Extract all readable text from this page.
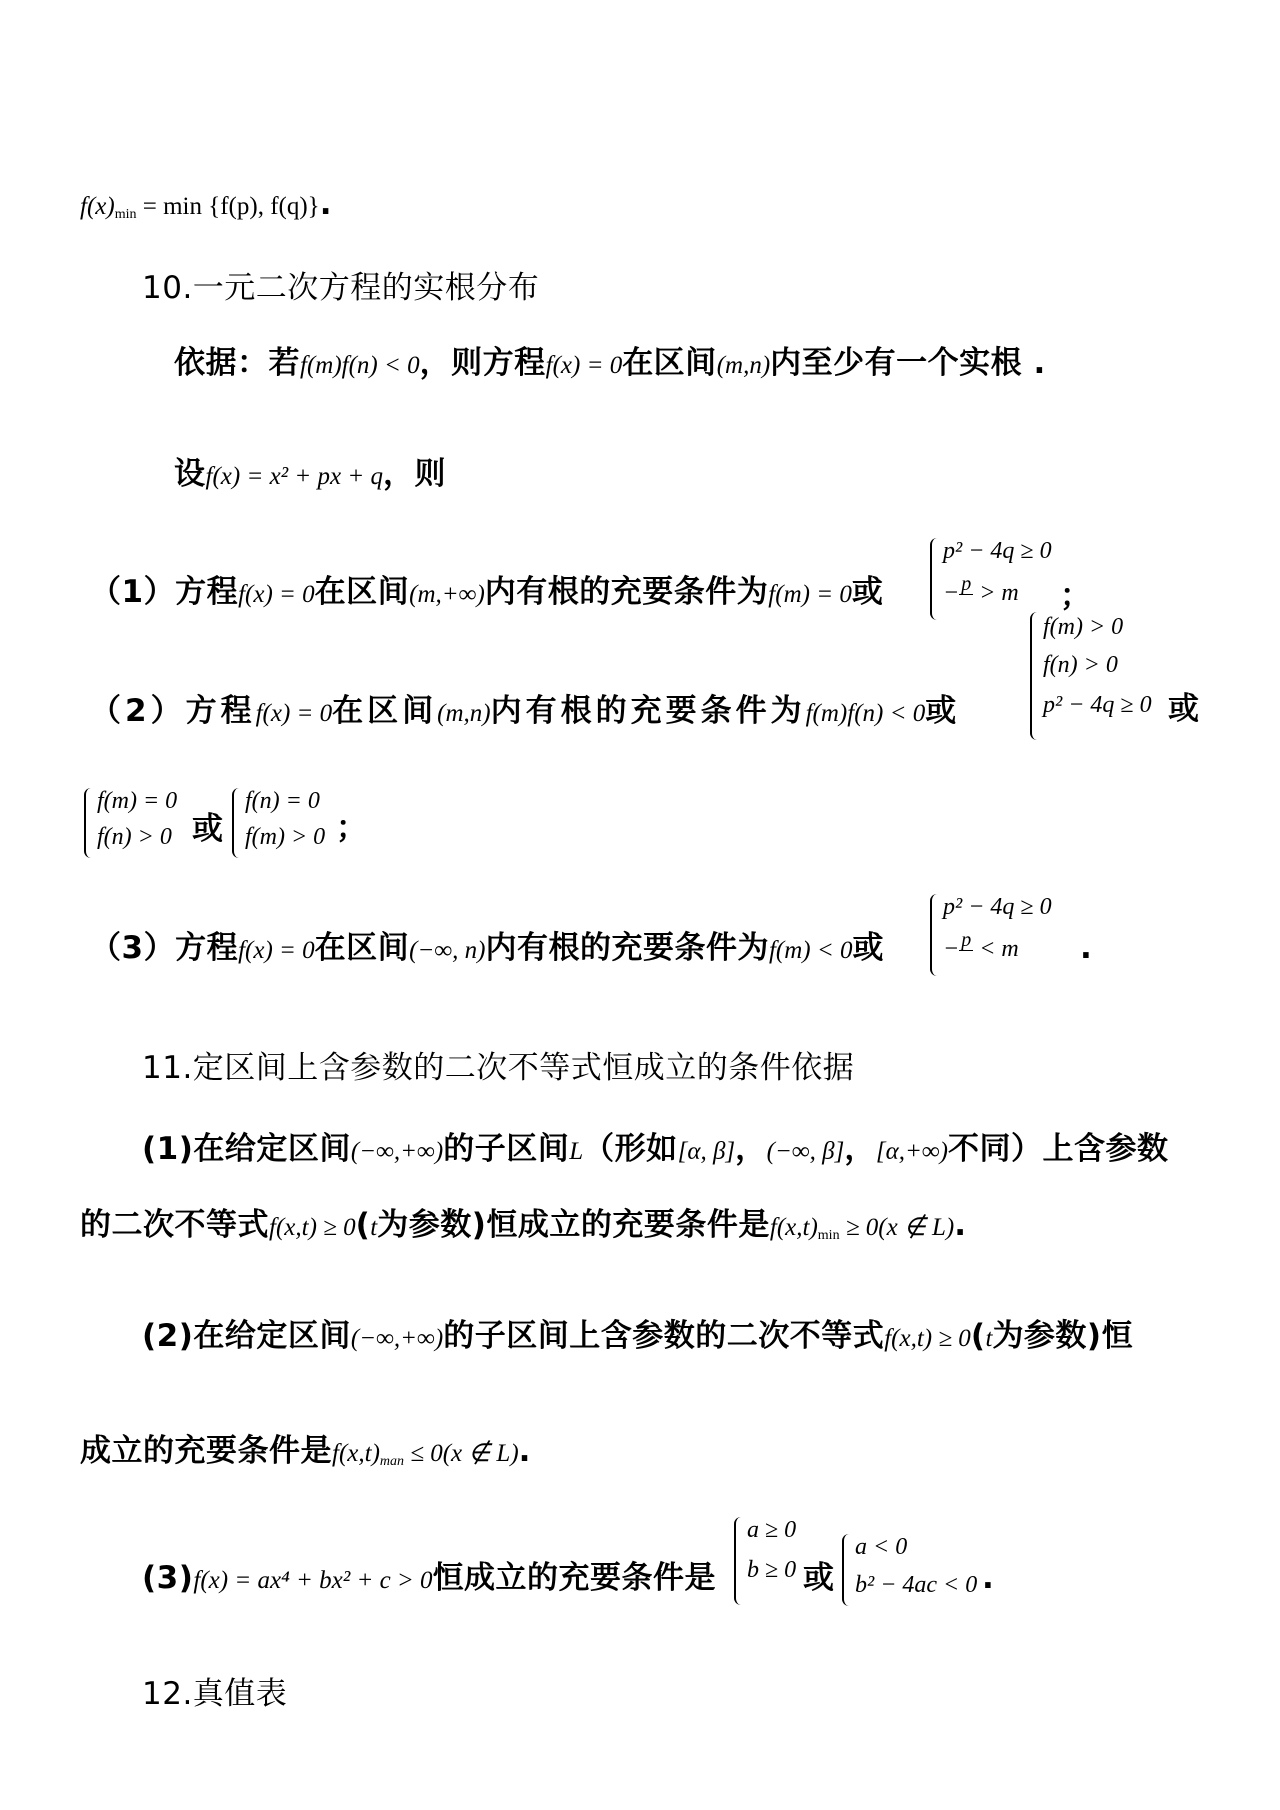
$f(x)_{min} = \min \{f(p)$, f(q)}.
10.一元二次方程的实根分布
依据：若f(m)f(n) < 0，则方程f(x) = 0在区间(m,n)内至少有一个实根 .
设f(x) = x² + px + q，则
（1）方程f(x) = 0在区间(m,+∞)内有根的充要条件为f(m) = 0或
p² − 4q ≥ 0
− p
> m ；
（2）方程f(x) = 0在区间(m,n)内有根的充要条件为f(m)f(n) < 0或
f(m) > 0
f(n) > 0
p² − 4q ≥ 0 或
f(m) = 0
f(n) > 0 或
f(n) = 0
f(m) > 0 ；
（3）方程f(x) = 0在区间(−∞, n)内有根的充要条件为f(m) < 0或
p² − 4q ≥ 0
− p
< m .
11.定区间上含参数的二次不等式恒成立的条件依据
(1)在给定区间(−∞,+∞)的子区间L（形如[α, β]，(−∞, β]，[α,+∞)不同）上含参数
的二次不等式f(x,t) ≥ 0(t为参数)恒成立的充要条件是$f(x,t)_{min} \ge 0(x$ ∉ L).
(2)在给定区间(−∞,+∞)的子区间上含参数的二次不等式f(x,t) ≥ 0(t为参数)恒
成立的充要条件是$f(x,t)_{man} \le 0(x$ ∉ L).
(3)f(x) = ax⁴ + bx² + c > 0恒成立的充要条件是
a ≥ 0
b ≥ 0 或
a < 0
b² − 4ac < 0 .
12.真值表
